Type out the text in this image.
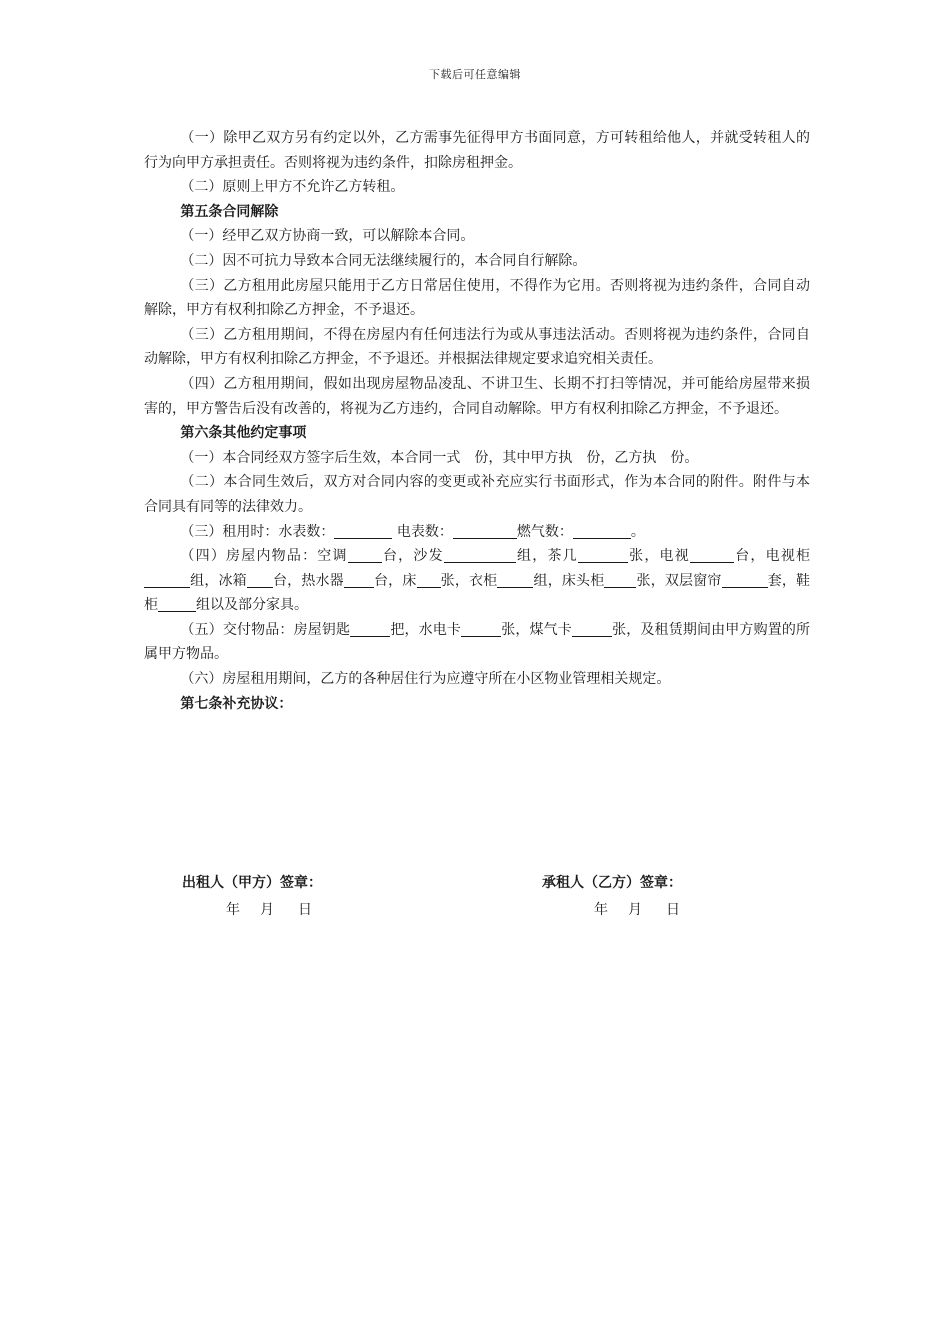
下载后可任意编辑

（一）除甲乙双方另有约定以外，乙方需事先征得甲方书面同意，方可转租给他人，并就受转租人的行为向甲方承担责任。否则将视为违约条件，扣除房租押金。

（二）原则上甲方不允许乙方转租。

第五条合同解除

（一）经甲乙双方协商一致，可以解除本合同。

（二）因不可抗力导致本合同无法继续履行的，本合同自行解除。

（三）乙方租用此房屋只能用于乙方日常居住使用，不得作为它用。否则将视为违约条件，合同自动解除，甲方有权利扣除乙方押金，不予退还。

（三）乙方租用期间，不得在房屋内有任何违法行为或从事违法活动。否则将视为违约条件，合同自动解除，甲方有权利扣除乙方押金，不予退还。并根据法律规定要求追究相关责任。

（四）乙方租用期间，假如出现房屋物品凌乱、不讲卫生、长期不打扫等情况，并可能给房屋带来损害的，甲方警告后没有改善的，将视为乙方违约，合同自动解除。甲方有权利扣除乙方押金，不予退还。

第六条其他约定事项

（一）本合同经双方签字后生效，本合同一式　份，其中甲方执　份，乙方执　份。

（二）本合同生效后，双方对合同内容的变更或补充应实行书面形式，作为本合同的附件。附件与本合同具有同等的法律效力。

（三）租用时：水表数：	电表数：	燃气数：	。

（四）房屋内物品：空调 台，沙发	组，茶几	张，电视	台，电视柜组，冰箱 台，热水器 台，床 张，衣柜	组，床头柜 张，双层窗帘	套，鞋柜	组以及部分家具。

（五）交付物品：房屋钥匙	把，水电卡	张，煤气卡	张，及租赁期间由甲方购置的所属甲方物品。

（六）房屋租用期间，乙方的各种居住行为应遵守所在小区物业管理相关规定。

第七条补充协议：

出租人（甲方）签章：	承租人（乙方）签章：
年 月 日	年 月 日
